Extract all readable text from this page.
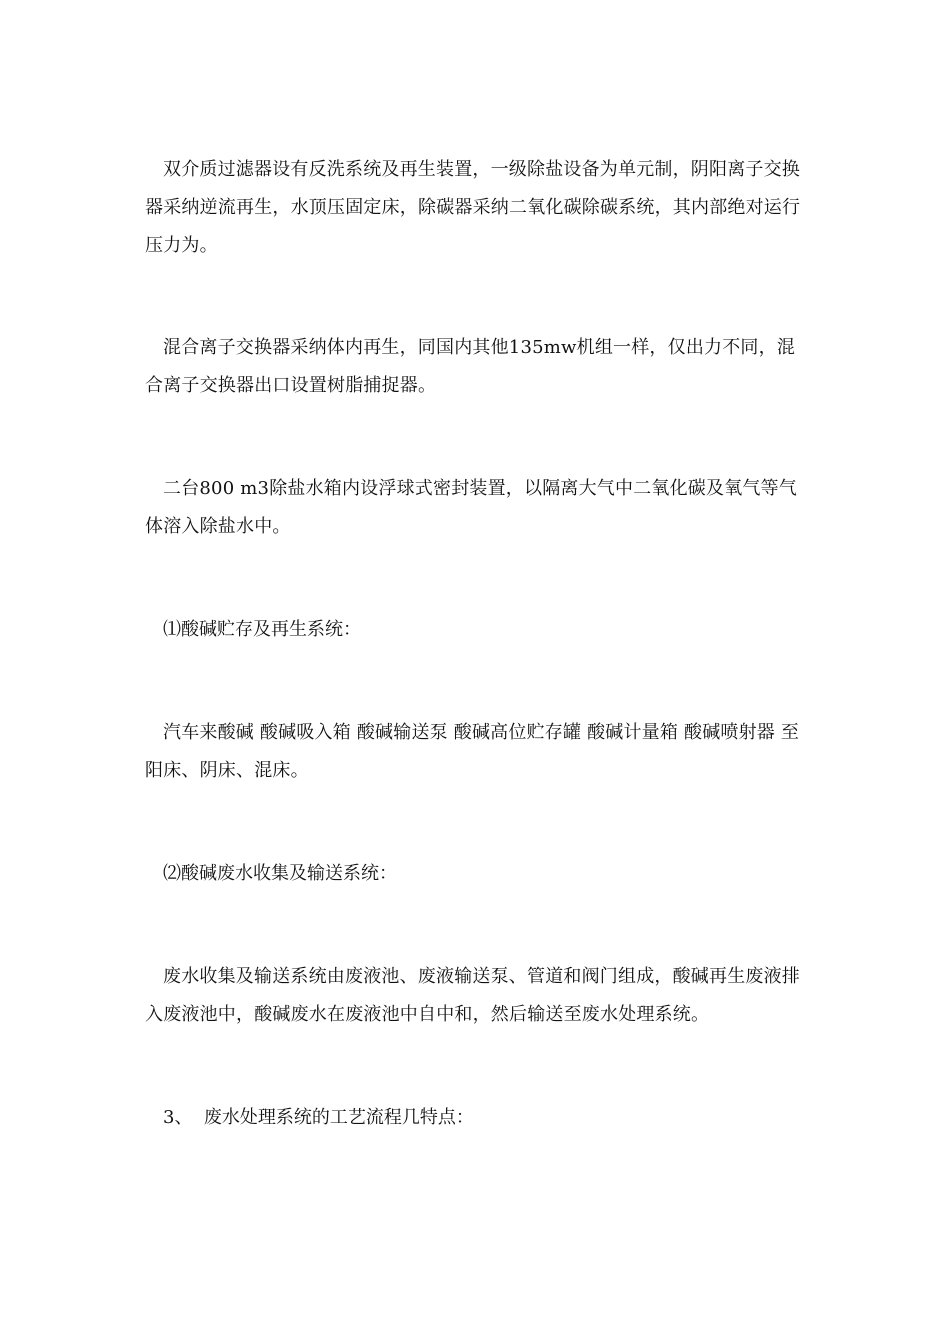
双介质过滤器设有反洗系统及再生装置，一级除盐设备为单元制，阴阳离子交换器采纳逆流再生，水顶压固定床，除碳器采纳二氧化碳除碳系统，其内部绝对运行压力为。

混合离子交换器采纳体内再生，同国内其他135mw机组一样，仅出力不同，混合离子交换器出口设置树脂捕捉器。

二台800 m3除盐水箱内设浮球式密封装置，以隔离大气中二氧化碳及氧气等气体溶入除盐水中。

⑴酸碱贮存及再生系统：

汽车来酸碱 酸碱吸入箱 酸碱输送泵 酸碱高位贮存罐 酸碱计量箱 酸碱喷射器 至阳床、阴床、混床。

⑵酸碱废水收集及输送系统：

废水收集及输送系统由废液池、废液输送泵、管道和阀门组成，酸碱再生废液排入废液池中，酸碱废水在废液池中自中和，然后输送至废水处理系统。

3、  废水处理系统的工艺流程几特点：
